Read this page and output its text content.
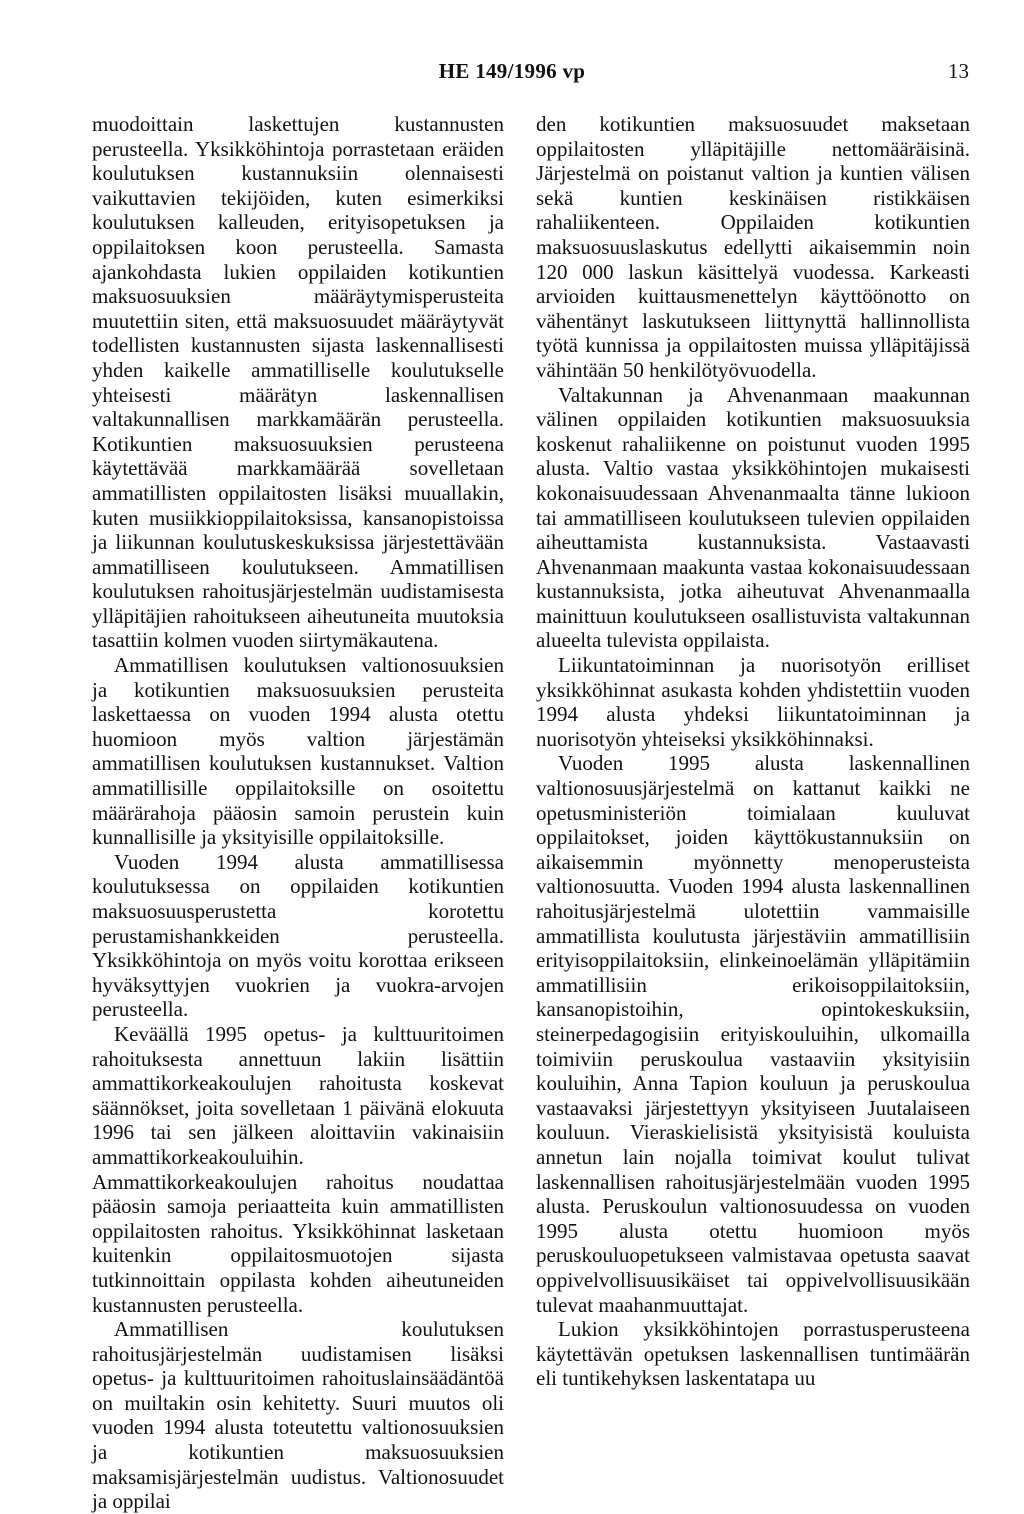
HE 149/1996 vp	13

muodoittain laskettujen kustannusten perusteella. Yksikköhintoja porrastetaan eräiden koulutuksen kustannuksiin olennaisesti vaikuttavien tekijöiden, kuten esimerkiksi koulutuksen kalleuden, erityisopetuksen ja oppilaitoksen koon perusteella. Samasta ajankohdasta lukien oppilaiden kotikuntien maksuosuuksien määräytymisperusteita muutettiin siten, että maksuosuudet määräytyvät todellisten kustannusten sijasta laskennallisesti yhden kaikelle ammatilliselle koulutukselle yhteisesti määrätyn laskennallisen valtakunnallisen markkamäärän perusteella. Kotikuntien maksuosuuksien perusteena käytettävää markkamäärää sovelletaan ammatillisten oppilaitosten lisäksi muuallakin, kuten musiikkioppilaitoksissa, kansanopistoissa ja liikunnan koulutuskeskuksissa järjestettävään ammatilliseen koulutukseen. Ammatillisen koulutuksen rahoitusjärjestelmän uudistamisesta ylläpitäjien rahoitukseen aiheutuneita muutoksia tasattiin kolmen vuoden siirtymäkautena.

Ammatillisen koulutuksen valtionosuuksien ja kotikuntien maksuosuuksien perusteita laskettaessa on vuoden 1994 alusta otettu huomioon myös valtion järjestämän ammatillisen koulutuksen kustannukset. Valtion ammatillisille oppilaitoksille on osoitettu määrärahoja pääosin samoin perustein kuin kunnallisille ja yksityisille oppilaitoksille.

Vuoden 1994 alusta ammatillisessa koulutuksessa on oppilaiden kotikuntien maksuosuusperustetta korotettu perustamishankkeiden perusteella. Yksikköhintoja on myös voitu korottaa erikseen hyväksyttyjen vuokrien ja vuokra-arvojen perusteella.

Keväällä 1995 opetus- ja kulttuuritoimen rahoituksesta annettuun lakiin lisättiin ammattikorkeakoulujen rahoitusta koskevat säännökset, joita sovelletaan 1 päivänä elokuuta 1996 tai sen jälkeen aloittaviin vakinaisiin ammattikorkeakouluihin. Ammattikorkeakoulujen rahoitus noudattaa pääosin samoja periaatteita kuin ammatillisten oppilaitosten rahoitus. Yksikköhinnat lasketaan kuitenkin oppilaitosmuotojen sijasta tutkinnoittain oppilasta kohden aiheutuneiden kustannusten perusteella.

Ammatillisen koulutuksen rahoitusjärjestelmän uudistamisen lisäksi opetus- ja kulttuuritoimen rahoituslainsäädäntöä on muiltakin osin kehitetty. Suuri muutos oli vuoden 1994 alusta toteutettu valtionosuuksien ja kotikuntien maksuosuuksien maksamisjärjestelmän uudistus. Valtionosuudet ja oppilai

den kotikuntien maksuosuudet maksetaan oppilaitosten ylläpitäjille nettomääräisinä. Järjestelmä on poistanut valtion ja kuntien välisen sekä kuntien keskinäisen ristikkäisen rahaliikenteen. Oppilaiden kotikuntien maksuosuuslaskutus edellytti aikaisemmin noin 120 000 laskun käsittelyä vuodessa. Karkeasti arvioiden kuittausmenettelyn käyttöönotto on vähentänyt laskutukseen liittynyttä hallinnollista työtä kunnissa ja oppilaitosten muissa ylläpitäjissä vähintään 50 henkilötyövuodella.

Valtakunnan ja Ahvenanmaan maakunnan välinen oppilaiden kotikuntien maksuosuuksia koskenut rahaliikenne on poistunut vuoden 1995 alusta. Valtio vastaa yksikköhintojen mukaisesti kokonaisuudessaan Ahvenanmaalta tänne lukioon tai ammatilliseen koulutukseen tulevien oppilaiden aiheuttamista kustannuksista. Vastaavasti Ahvenanmaan maakunta vastaa kokonaisuudessaan kustannuksista, jotka aiheutuvat Ahvenanmaalla mainittuun koulutukseen osallistuvista valtakunnan alueelta tulevista oppilaista.

Liikuntatoiminnan ja nuorisotyön erilliset yksikköhinnat asukasta kohden yhdistettiin vuoden 1994 alusta yhdeksi liikuntatoiminnan ja nuorisotyön yhteiseksi yksikköhinnaksi.

Vuoden 1995 alusta laskennallinen valtionosuusjärjestelmä on kattanut kaikki ne opetusministeriön toimialaan kuuluvat oppilaitokset, joiden käyttökustannuksiin on aikaisemmin myönnetty menoperusteista valtionosuutta. Vuoden 1994 alusta laskennallinen rahoitusjärjestelmä ulotettiin vammaisille ammatillista koulutusta järjestäviin ammatillisiin erityisoppilaitoksiin, elinkeinoelämän ylläpitämiin ammatillisiin erikoisoppilaitoksiin, kansanopistoihin, opintokeskuksiin, steinerpedagogisiin erityiskouluihin, ulkomailla toimiviin peruskoulua vastaaviin yksityisiin kouluihin, Anna Tapion kouluun ja peruskoulua vastaavaksi järjestettyyn yksityiseen Juutalaiseen kouluun. Vieraskielisistä yksityisistä kouluista annetun lain nojalla toimivat koulut tulivat laskennallisen rahoitusjärjestelmään vuoden 1995 alusta. Peruskoulun valtionosuudessa on vuoden 1995 alusta otettu huomioon myös peruskouluopetukseen valmistavaa opetusta saavat oppivelvollisuusikäiset tai oppivelvollisuusikään tulevat maahanmuuttajat.

Lukion yksikköhintojen porrastusperusteena käytettävän opetuksen laskennallisen tuntimäärän eli tuntikehyksen laskentatapa uu
